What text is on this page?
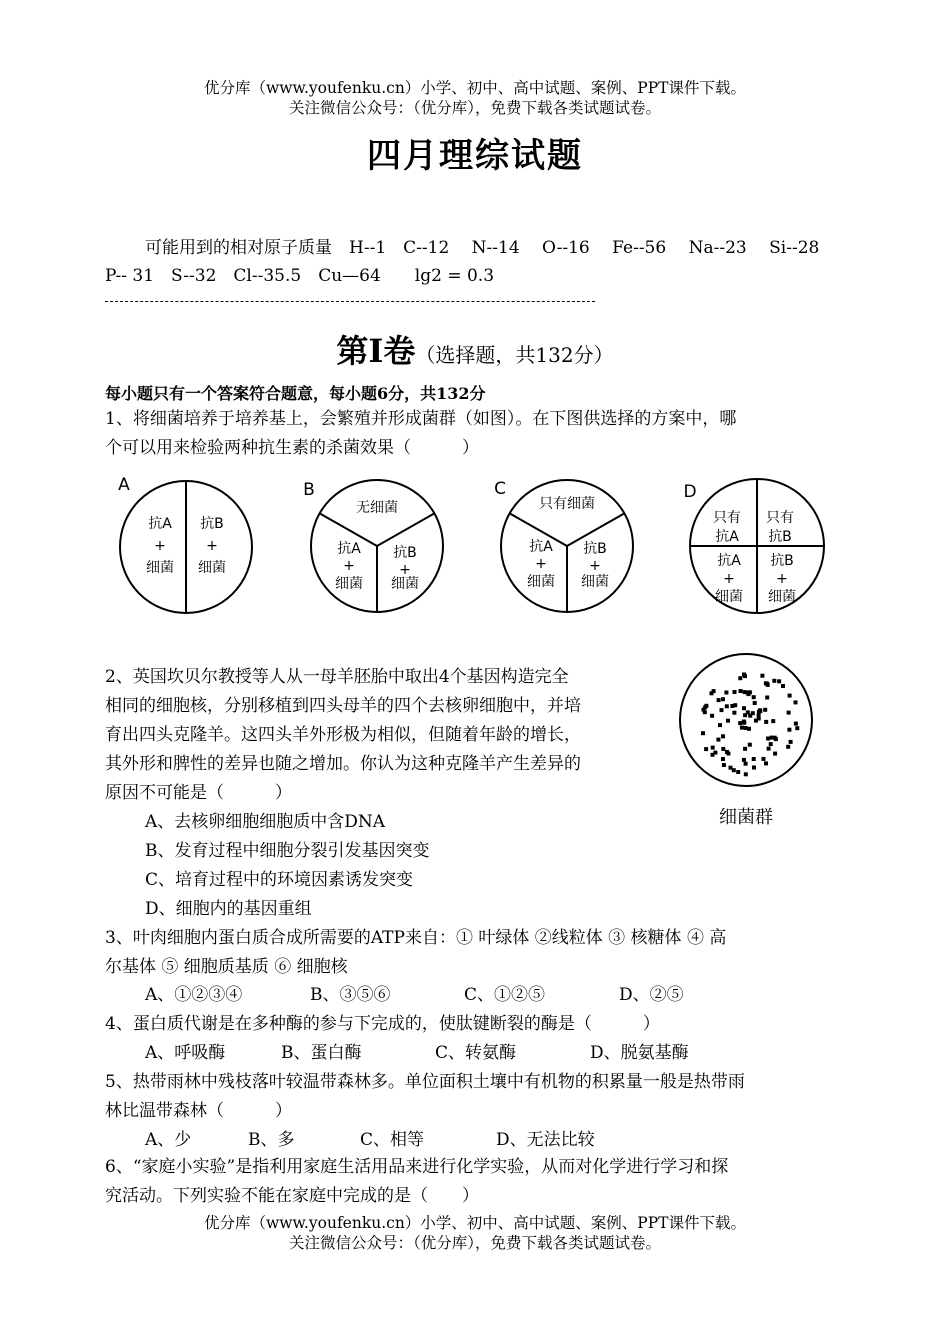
优分库（www.youfenku.cn）小学、初中、高中试题、案例、PPT课件下载。
关注微信公众号：（优分库），免费下载各类试题试卷。
四月理综试题
可能用到的相对原子质量　H--1　C--12　 N--14　 O--16　 Fe--56　 Na--23　 Si--28
P-- 31　S--32　Cl--35.5　Cu—64　　lg2 = 0.3
第Ⅰ卷（选择题，共132分）
每小题只有一个答案符合题意，每小题6分，共132分
1、将细菌培养于培养基上，会繁殖并形成菌群（如图）。在下图供选择的方案中，哪
个可以用来检验两种抗生素的杀菌效果（　　　）
A	B	C	D
抗A
+
细菌
抗B
+
细菌
无细菌
抗A
+
细菌
抗B
+
细菌
只有细菌
抗A
+
细菌
抗B
+
细菌
只有
抗A
只有
抗B
抗A
+
细菌
抗B
+
细菌
2、英国坎贝尔教授等人从一母羊胚胎中取出4个基因构造完全
相同的细胞核，分别移植到四头母羊的四个去核卵细胞中，并培
育出四头克隆羊。这四头羊外形极为相似，但随着年龄的增长，
其外形和脾性的差异也随之增加。你认为这种克隆羊产生差异的
原因不可能是（　　　）
A、去核卵细胞细胞质中含DNA
B、发育过程中细胞分裂引发基因突变
C、培育过程中的环境因素诱发突变
D、细胞内的基因重组
细菌群
3、叶肉细胞内蛋白质合成所需要的ATP来自：① 叶绿体 ②线粒体 ③ 核糖体 ④ 高
尔基体 ⑤ 细胞质基质 ⑥ 细胞核
A、①②③④	B、③⑤⑥	C、①②⑤	D、②⑤
4、蛋白质代谢是在多种酶的参与下完成的，使肽键断裂的酶是（　　　）
A、呼吸酶	B、蛋白酶	C、转氨酶	D、脱氨基酶
5、热带雨林中残枝落叶较温带森林多。单位面积土壤中有机物的积累量一般是热带雨
林比温带森林（　　　）
A、少	B、多	C、相等	D、无法比较
6、“家庭小实验”是指利用家庭生活用品来进行化学实验，从而对化学进行学习和探
究活动。下列实验不能在家庭中完成的是（　　）
优分库（www.youfenku.cn）小学、初中、高中试题、案例、PPT课件下载。
关注微信公众号：（优分库），免费下载各类试题试卷。
